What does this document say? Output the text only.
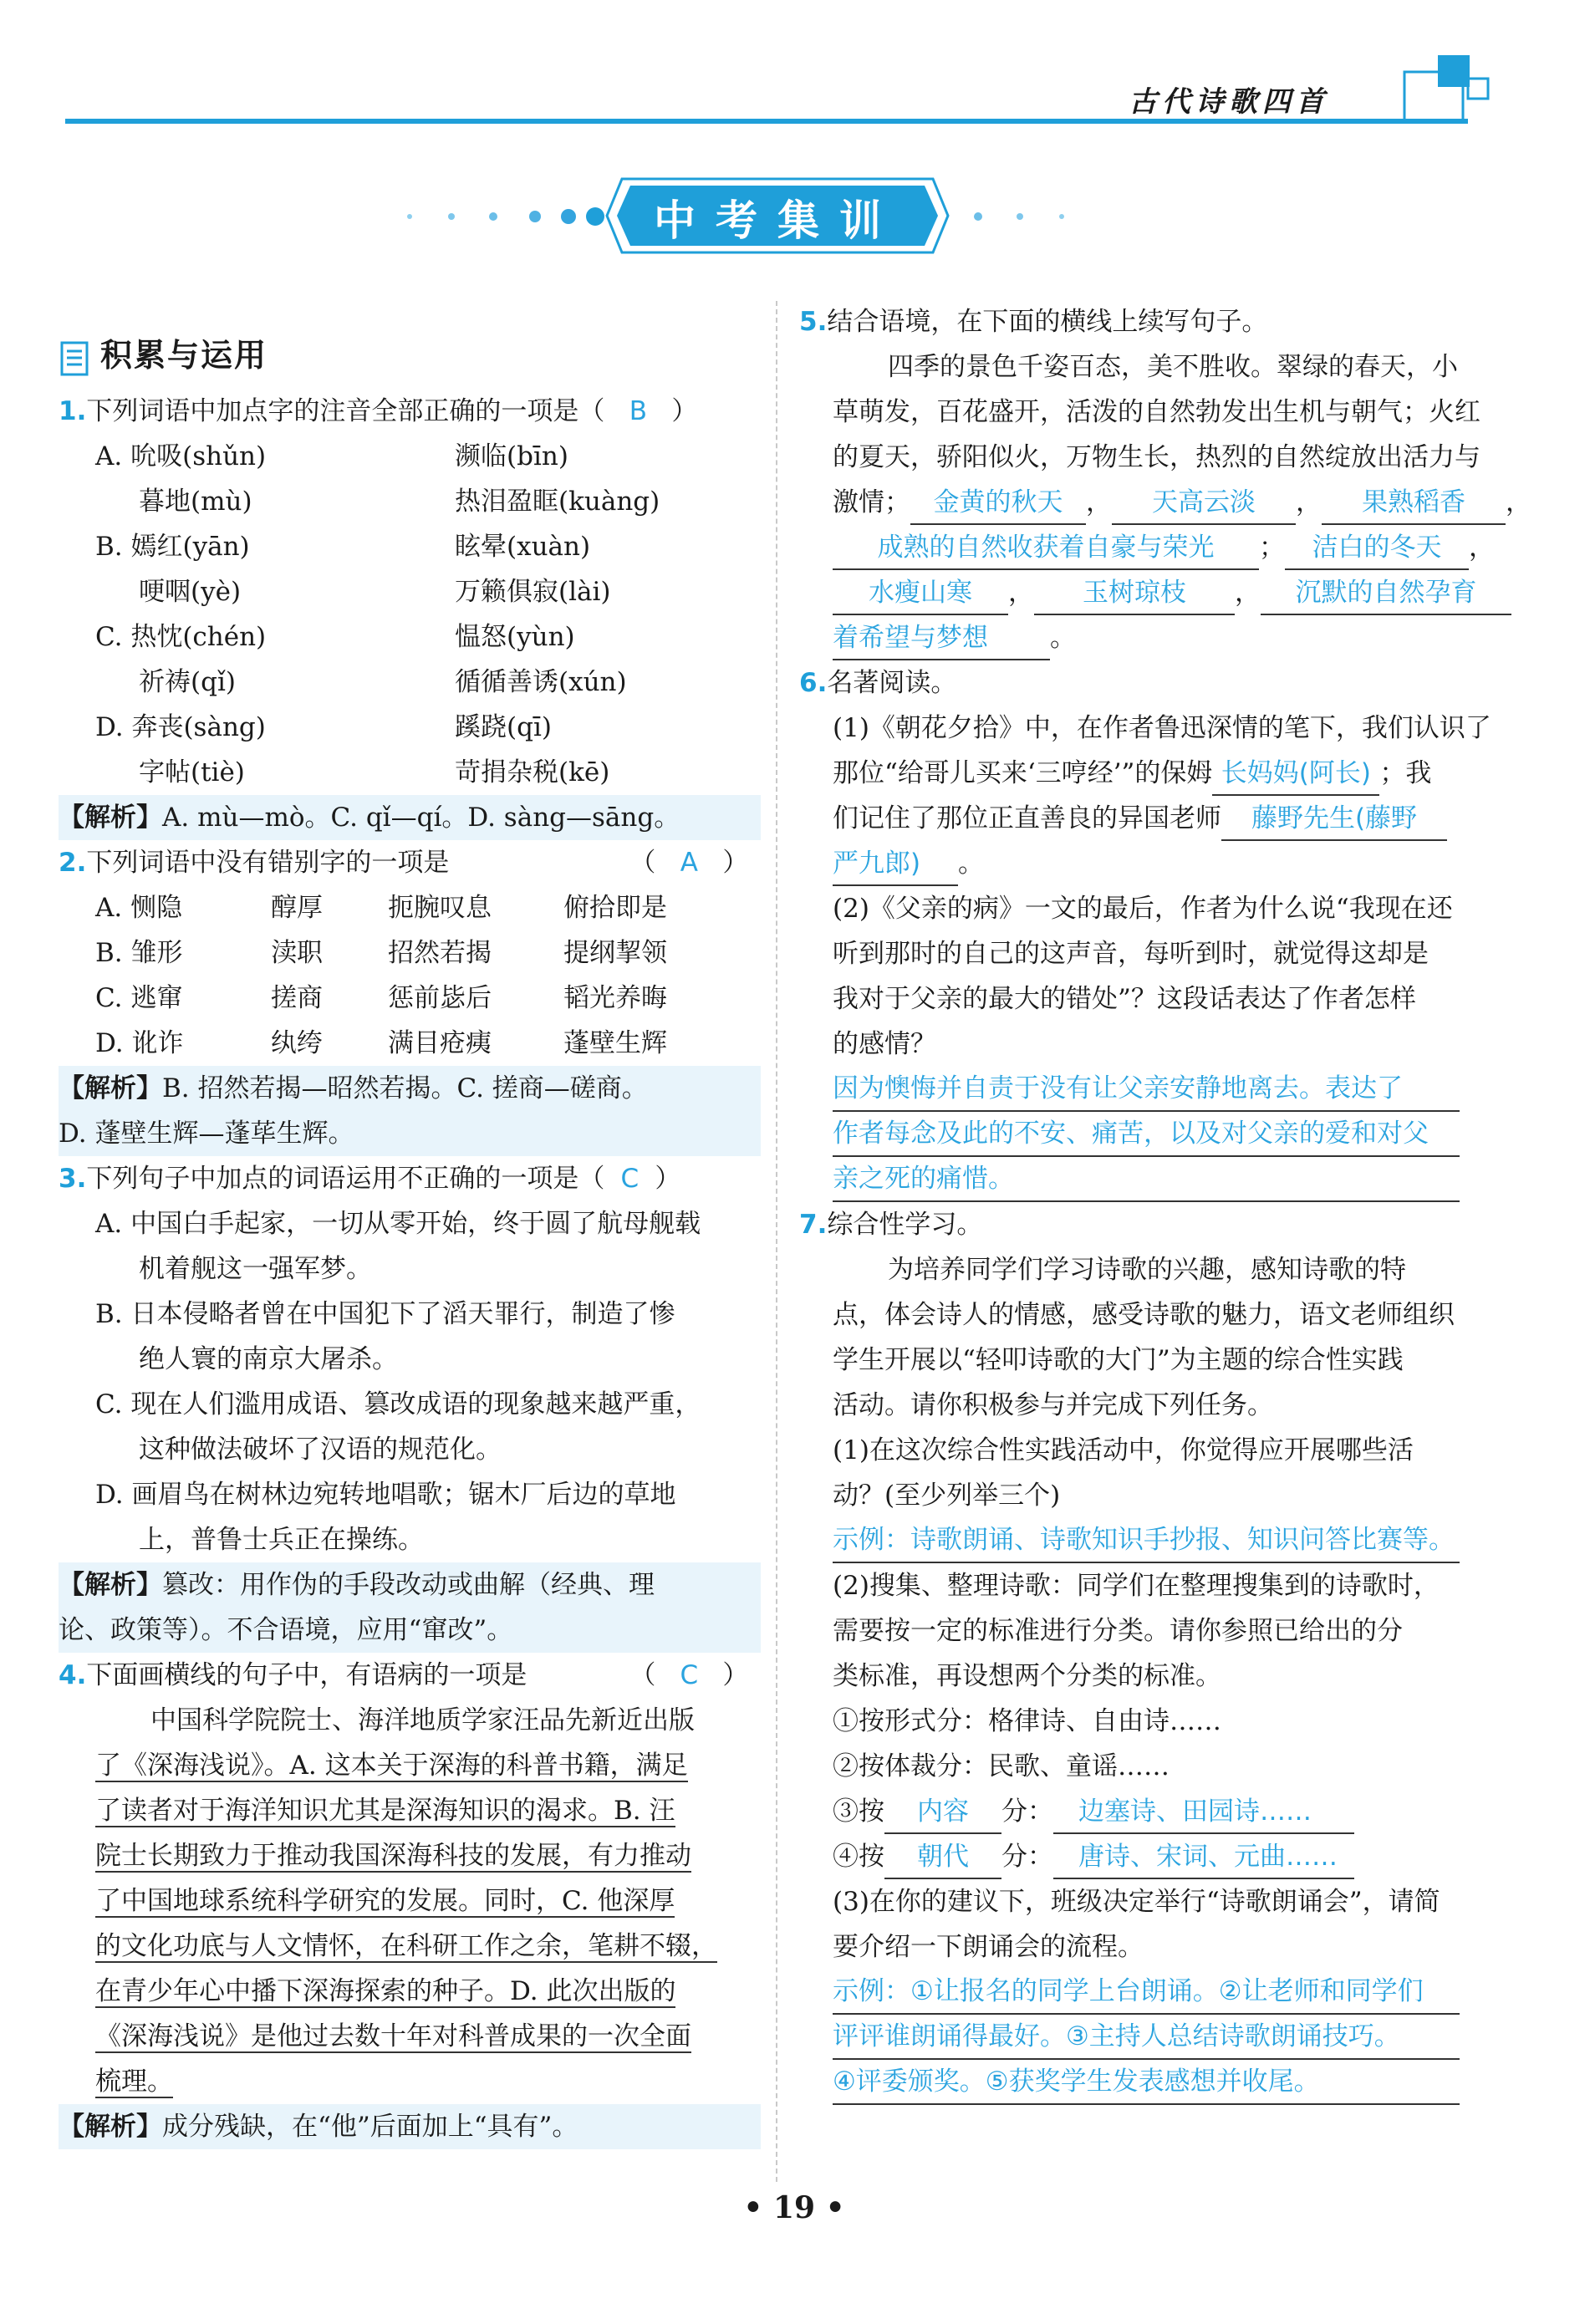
古代诗歌四首
中考集训
积累与运用
1.下列词语中加点字的注音全部正确的一项是（ B ）
A. 吮吸(shǔn)	濒临(bīn)
暮地(mù)	热泪盈眶(kuàng)
B. 嫣红(yān)	眩晕(xuàn)
哽咽(yè)	万籁俱寂(lài)
C. 热忱(chén)	愠怒(yùn)
祈祷(qǐ)	循循善诱(xún)
D. 奔丧(sàng)	蹊跷(qī)
字帖(tiè)	苛捐杂税(kē)
【解析】A. mù—mò。C. qǐ—qí。D. sàng—sāng。
2.下列词语中没有错别字的一项是	（ A ）
A. 恻隐	醇厚	扼腕叹息	俯拾即是
B. 雏形	渎职	招然若揭	提纲挈领
C. 逃窜	搓商	惩前毖后	韬光养晦
D. 讹诈	纨绔	满目疮痍	蓬壁生辉
【解析】B. 招然若揭—昭然若揭。C. 搓商—磋商。
D. 蓬壁生辉—蓬荜生辉。
3.下列句子中加点的词语运用不正确的一项是（ C ）
A. 中国白手起家，一切从零开始，终于圆了航母舰载
机着舰这一强军梦。
B. 日本侵略者曾在中国犯下了滔天罪行，制造了惨
绝人寰的南京大屠杀。
C. 现在人们滥用成语、篡改成语的现象越来越严重，
这种做法破坏了汉语的规范化。
D. 画眉鸟在树林边宛转地唱歌；锯木厂后边的草地
上，普鲁士兵正在操练。
【解析】篡改：用作伪的手段改动或曲解（经典、理
论、政策等）。不合语境，应用“窜改”。
4.下面画横线的句子中，有语病的一项是	（ C ）
中国科学院院士、海洋地质学家汪品先新近出版
了《深海浅说》。A. 这本关于深海的科普书籍，满足
了读者对于海洋知识尤其是深海知识的渴求。B. 汪
院士长期致力于推动我国深海科技的发展，有力推动
了中国地球系统科学研究的发展。同时，C. 他深厚
的文化功底与人文情怀，在科研工作之余，笔耕不辍，
在青少年心中播下深海探索的种子。D. 此次出版的
《深海浅说》是他过去数十年对科普成果的一次全面
梳理。
【解析】成分残缺，在“他”后面加上“具有”。
5.结合语境，在下面的横线上续写句子。
四季的景色千姿百态，美不胜收。翠绿的春天，小
草萌发，百花盛开，活泼的自然勃发出生机与朝气；火红
的夏天，骄阳似火，万物生长，热烈的自然绽放出活力与
激情； 金黄的秋天 ， 天高云淡 ， 果熟稻香 ，
成熟的自然收获着自豪与荣光 ； 洁白的冬天 ，
水瘦山寒 ， 玉树琼枝 ， 沉默的自然孕育
着希望与梦想 。
6.名著阅读。
(1)《朝花夕拾》中，在作者鲁迅深情的笔下，我们认识了
那位“给哥儿买来‘三哼经’”的保姆 长妈妈(阿长) ；我
们记住了那位正直善良的异国老师 藤野先生(藤野
严九郎) 。
(2)《父亲的病》一文的最后，作者为什么说“我现在还
听到那时的自己的这声音，每听到时，就觉得这却是
我对于父亲的最大的错处”？这段话表达了作者怎样
的感情？
因为懊悔并自责于没有让父亲安静地离去。表达了
作者每念及此的不安、痛苦，以及对父亲的爱和对父
亲之死的痛惜。
7.综合性学习。
为培养同学们学习诗歌的兴趣，感知诗歌的特
点，体会诗人的情感，感受诗歌的魅力，语文老师组织
学生开展以“轻叩诗歌的大门”为主题的综合性实践
活动。请你积极参与并完成下列任务。
(1)在这次综合性实践活动中，你觉得应开展哪些活
动？(至少列举三个)
示例：诗歌朗诵、诗歌知识手抄报、知识问答比赛等。
(2)搜集、整理诗歌：同学们在整理搜集到的诗歌时，
需要按一定的标准进行分类。请你参照已给出的分
类标准，再设想两个分类的标准。
①按形式分：格律诗、自由诗……
②按体裁分：民歌、童谣……
③按 内容 分： 边塞诗、田园诗……
④按 朝代 分： 唐诗、宋词、元曲……
(3)在你的建议下，班级决定举行“诗歌朗诵会”，请简
要介绍一下朗诵会的流程。
示例：①让报名的同学上台朗诵。②让老师和同学们
评评谁朗诵得最好。③主持人总结诗歌朗诵技巧。
④评委颁奖。⑤获奖学生发表感想并收尾。
• 19 •
